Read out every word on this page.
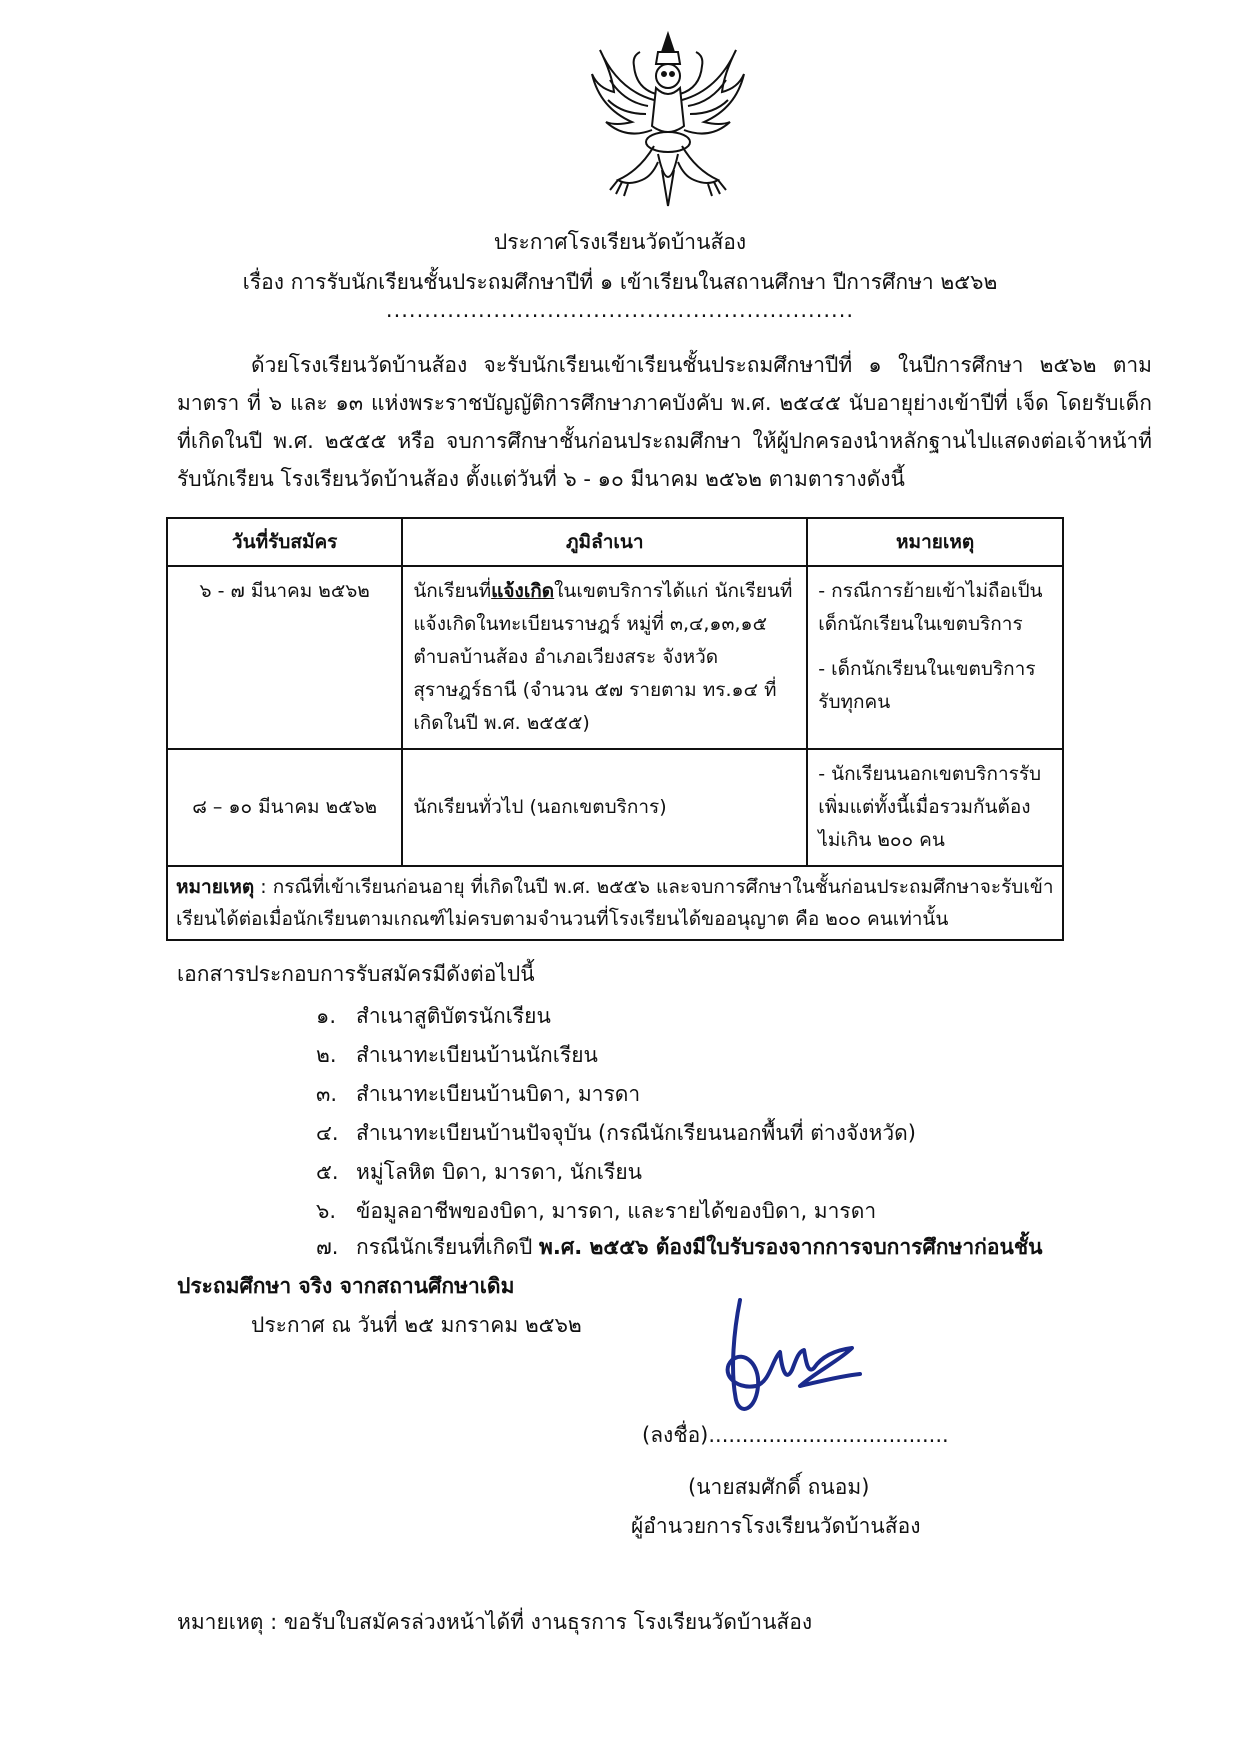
ประกาศโรงเรียนวัดบ้านส้อง
เรื่อง การรับนักเรียนชั้นประถมศึกษาปีที่ ๑ เข้าเรียนในสถานศึกษา ปีการศึกษา ๒๕๖๒
.............................................................

ด้วยโรงเรียนวัดบ้านส้อง จะรับนักเรียนเข้าเรียนชั้นประถมศึกษาปีที่ ๑ ในปีการศึกษา ๒๕๖๒ ตามมาตรา ที่ ๖ และ ๑๓ แห่งพระราชบัญญัติการศึกษาภาคบังคับ พ.ศ. ๒๕๔๕ นับอายุย่างเข้าปีที่ เจ็ด โดยรับเด็กที่เกิดในปี พ.ศ. ๒๕๕๕ หรือ จบการศึกษาชั้นก่อนประถมศึกษา ให้ผู้ปกครองนำหลักฐานไปแสดงต่อเจ้าหน้าที่รับนักเรียน โรงเรียนวัดบ้านส้อง ตั้งแต่วันที่ ๖ - ๑๐ มีนาคม ๒๕๖๒ ตามตารางดังนี้

วันที่รับสมัคร	ภูมิลำเนา	หมายเหตุ
๖ - ๗ มีนาคม ๒๕๖๒	นักเรียนที่แจ้งเกิดในเขตบริการได้แก่ นักเรียนที่แจ้งเกิดในทะเบียนราษฎร์ หมู่ที่ ๓,๔,๑๓,๑๕ ตำบลบ้านส้อง อำเภอเวียงสระ จังหวัดสุราษฎร์ธานี (จำนวน ๕๗ รายตาม ทร.๑๔ ที่เกิดในปี พ.ศ. ๒๕๕๕)	- กรณีการย้ายเข้าไม่ถือเป็นเด็กนักเรียนในเขตบริการ

- เด็กนักเรียนในเขตบริการรับทุกคน

๘ – ๑๐ มีนาคม ๒๕๖๒	นักเรียนทั่วไป (นอกเขตบริการ)	- นักเรียนนอกเขตบริการรับเพิ่มแต่ทั้งนี้เมื่อรวมกันต้องไม่เกิน ๒๐๐ คน
หมายเหตุ : กรณีที่เข้าเรียนก่อนอายุ ที่เกิดในปี พ.ศ. ๒๕๕๖ และจบการศึกษาในชั้นก่อนประถมศึกษาจะรับเข้าเรียนได้ต่อเมื่อนักเรียนตามเกณฑ์ไม่ครบตามจำนวนที่โรงเรียนได้ขออนุญาต คือ ๒๐๐ คนเท่านั้น		
เอกสารประกอบการรับสมัครมีดังต่อไปนี้
๑. สำเนาสูติบัตรนักเรียน
๒. สำเนาทะเบียนบ้านนักเรียน
๓. สำเนาทะเบียนบ้านบิดา, มารดา
๔. สำเนาทะเบียนบ้านปัจจุบัน (กรณีนักเรียนนอกพื้นที่ ต่างจังหวัด)
๕. หมู่โลหิต บิดา, มารดา, นักเรียน
๖. ข้อมูลอาชีพของบิดา, มารดา, และรายได้ของบิดา, มารดา
๗. กรณีนักเรียนที่เกิดปี พ.ศ. ๒๕๕๖ ต้องมีใบรับรองจากการจบการศึกษาก่อนชั้น
ประถมศึกษา จริง จากสถานศึกษาเดิม
ประกาศ ณ วันที่ ๒๕ มกราคม ๒๕๖๒
(ลงชื่อ)....................................
(นายสมศักดิ์ ถนอม)
ผู้อำนวยการโรงเรียนวัดบ้านส้อง
หมายเหตุ : ขอรับใบสมัครล่วงหน้าได้ที่ งานธุรการ โรงเรียนวัดบ้านส้อง
